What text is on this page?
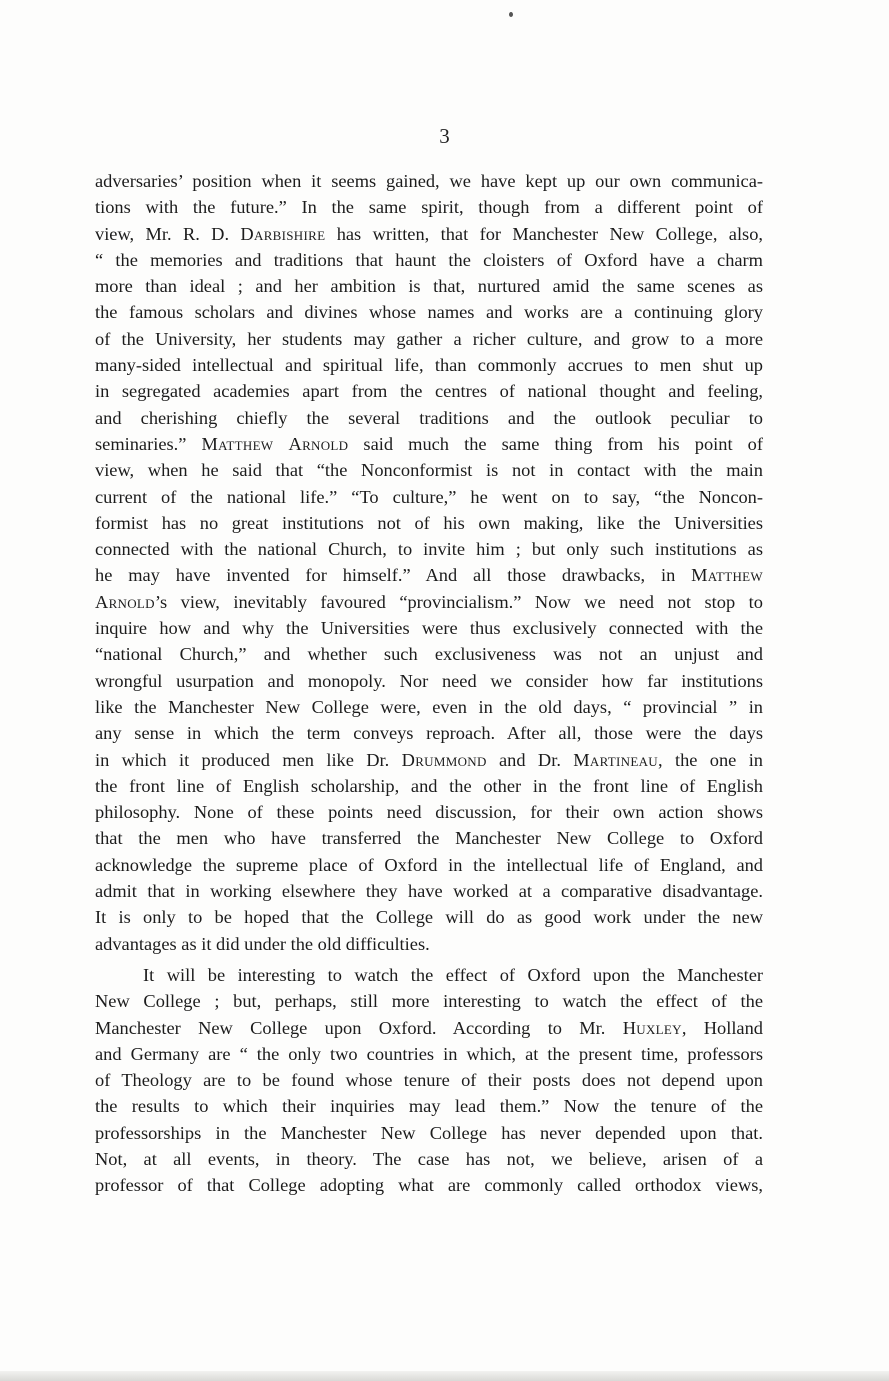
3
adversaries’ position when it seems gained, we have kept up our own communica-
tions with the future.” In the same spirit, though from a different point of
view, Mr. R. D. Darbishire has written, that for Manchester New College, also,
“ the memories and traditions that haunt the cloisters of Oxford have a charm
more than ideal ; and her ambition is that, nurtured amid the same scenes as
the famous scholars and divines whose names and works are a continuing glory
of the University, her students may gather a richer culture, and grow to a more
many-sided intellectual and spiritual life, than commonly accrues to men shut up
in segregated academies apart from the centres of national thought and feeling,
and cherishing chiefly the several traditions and the outlook peculiar to
seminaries.” Matthew Arnold said much the same thing from his point of
view, when he said that “the Nonconformist is not in contact with the main
current of the national life.” “To culture,” he went on to say, “the Noncon-
formist has no great institutions not of his own making, like the Universities
connected with the national Church, to invite him ; but only such institutions as
he may have invented for himself.” And all those drawbacks, in Matthew
Arnold’s view, inevitably favoured “provincialism.” Now we need not stop to
inquire how and why the Universities were thus exclusively connected with the
“national Church,” and whether such exclusiveness was not an unjust and
wrongful usurpation and monopoly. Nor need we consider how far institutions
like the Manchester New College were, even in the old days, “ provincial ” in
any sense in which the term conveys reproach. After all, those were the days
in which it produced men like Dr. Drummond and Dr. Martineau, the one in
the front line of English scholarship, and the other in the front line of English
philosophy. None of these points need discussion, for their own action shows
that the men who have transferred the Manchester New College to Oxford
acknowledge the supreme place of Oxford in the intellectual life of England, and
admit that in working elsewhere they have worked at a comparative disadvantage.
It is only to be hoped that the College will do as good work under the new
advantages as it did under the old difficulties.
It will be interesting to watch the effect of Oxford upon the Manchester
New College ; but, perhaps, still more interesting to watch the effect of the
Manchester New College upon Oxford. According to Mr. Huxley, Holland
and Germany are “ the only two countries in which, at the present time, professors
of Theology are to be found whose tenure of their posts does not depend upon
the results to which their inquiries may lead them.” Now the tenure of the
professorships in the Manchester New College has never depended upon that.
Not, at all events, in theory. The case has not, we believe, arisen of a
professor of that College adopting what are commonly called orthodox views,
